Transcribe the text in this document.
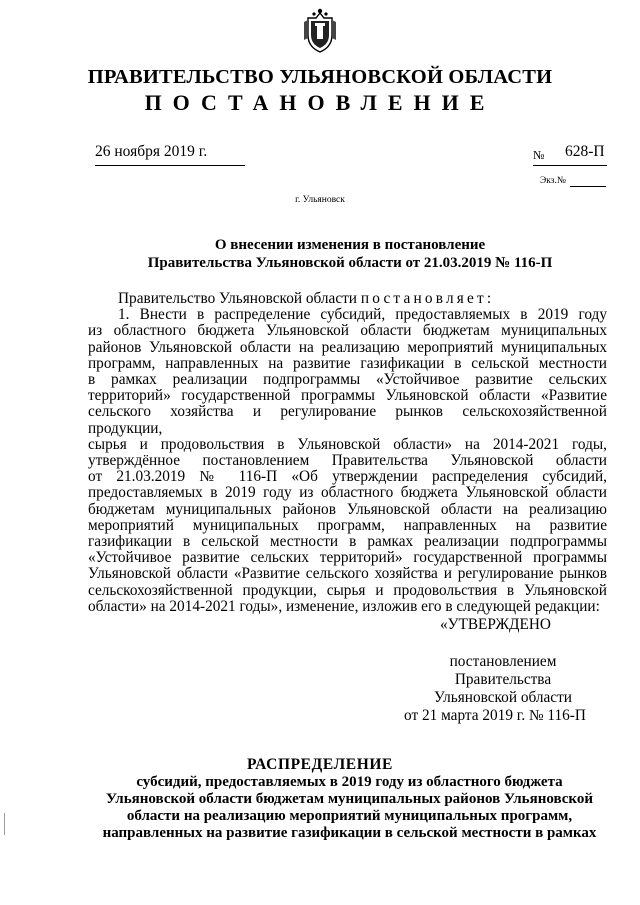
ПРАВИТЕЛЬСТВО УЛЬЯНОВСКОЙ ОБЛАСТИ
ПОСТАНОВЛЕНИЕ
26 ноября 2019 г.	№ 628-П
Экз.№
г. Ульяновск
О внесении изменения в постановление
Правительства Ульяновской области от 21.03.2019 № 116-П
Правительство Ульяновской области постановляет:

1. Внести в распределение субсидий, предоставляемых в 2019 году

из областного бюджета Ульяновской области бюджетам муниципальных

районов Ульяновской области на реализацию мероприятий муниципальных

программ, направленных на развитие газификации в сельской местности

в рамках реализации подпрограммы «Устойчивое развитие сельских

территорий» государственной программы Ульяновской области «Развитие

сельского хозяйства и регулирование рынков сельскохозяйственной продукции,

сырья и продовольствия в Ульяновской области» на 2014-2021 годы,

утверждённое постановлением Правительства Ульяновской области

от 21.03.2019 № 116-П «Об утверждении распределения субсидий,

предоставляемых в 2019 году из областного бюджета Ульяновской области

бюджетам муниципальных районов Ульяновской области на реализацию

мероприятий муниципальных программ, направленных на развитие

газификации в сельской местности в рамках реализации подпрограммы

«Устойчивое развитие сельских территорий» государственной программы

Ульяновской области «Развитие сельского хозяйства и регулирование рынков

сельскохозяйственной продукции, сырья и продовольствия в Ульяновской

области» на 2014-2021 годы», изменение, изложив его в следующей редакции:

«УТВЕРЖДЕНО
постановлением Правительства
Ульяновской области
от 21 марта 2019 г. № 116-П
РАСПРЕДЕЛЕНИЕ
субсидий, предоставляемых в 2019 году из областного бюджета
Ульяновской области бюджетам муниципальных районов Ульяновской
области на реализацию мероприятий муниципальных программ,
направленных на развитие газификации в сельской местности в рамках
